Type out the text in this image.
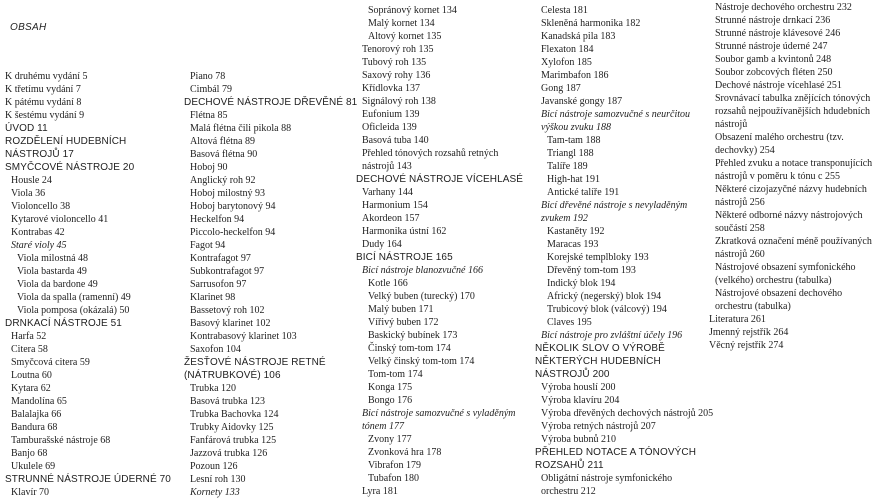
OBSAH
K druhému vydání 5
K třetímu vydání 7
K pátému vydání 8
K šestému vydání 9
ÚVOD 11
ROZDĚLENÍ HUDEBNÍCH
NÁSTROJŮ 17
SMYČCOVÉ NÁSTROJE 20
Housle 24
Viola 36
Violoncello 38
Kytarové violoncello 41
Kontrabas 42
Staré violy 45
Viola milostná 48
Viola bastarda 49
Viola da bardone 49
Viola da spalla (ramenní) 49
Viola pomposa (okázalá) 50
DRNKACÍ NÁSTROJE 51
Harfa 52
Citera 58
Smyčcová citera 59
Loutna 60
Kytara 62
Mandolína 65
Balalajka 66
Bandura 68
Tamburašské nástroje 68
Banjo 68
Ukulele 69
STRUNNÉ NÁSTROJE ÚDERNÉ 70
Klavír 70
Piano 78
Cimbál 79
DECHOVÉ NÁSTROJE DŘEVĚNÉ 81
Flétna 85
Malá flétna čili pikola 88
Altová flétna 89
Basová flétna 90
Hoboj 90
Anglický roh 92
Hoboj milostný 93
Hoboj barytonový 94
Heckelfon 94
Piccolo-heckelfon 94
Fagot 94
Kontrafagot 97
Subkontrafagot 97
Sarrusofon 97
Klarinet 98
Bassetový roh 102
Basový klarinet 102
Kontrabasový klarinet 103
Saxofon 104
ŽESŤOVÉ NÁSTROJE RETNÉ
(NÁTRUBKOVÉ) 106
Trubka 120
Basová trubka 123
Trubka Bachovka 124
Trubky Aidovky 125
Fanfárová trubka 125
Jazzová trubka 126
Pozoun 126
Lesní roh 130
Kornety 133
Sopránový kornet 134
Malý kornet 134
Altový kornet 135
Tenorový roh 135
Tubový roh 135
Saxový rohy 136
Křídlovka 137
Signálový roh 138
Eufonium 139
Oficleida 139
Basová tuba 140
Přehled tónových rozsahů retných
nástrojů 143
DECHOVÉ NÁSTROJE VÍCEHLASÉ
Varhany 144
Harmonium 154
Akordeon 157
Harmonika ústní 162
Dudy 164
BICÍ NÁSTROJE 165
Bicí nástroje blanozvučné 166
Kotle 166
Velký buben (turecký) 170
Malý buben 171
Vířivý buben 172
Baskický bubínek 173
Činský tom-tom 174
Velký činský tom-tom 174
Tom-tom 174
Konga 175
Bongo 176
Bicí nástroje samozvučné s vyladěným
tónem 177
Zvony 177
Zvonková hra 178
Vibrafon 179
Tubafon 180
Lyra 181
Celesta 181
Skleněná harmonika 182
Kanadská pila 183
Flexaton 184
Xylofon 185
Marimbafon 186
Gong 187
Javanské gongy 187
Bicí nástroje samozvučné s neurčitou
výškou zvuku 188
Tam-tam 188
Triangl 188
Talíře 189
High-hat 191
Antické talíře 191
Bicí dřevěné nástroje s nevyladěným
zvukem 192
Kastaněty 192
Maracas 193
Korejské templbloky 193
Dřevěný tom-tom 193
Indický blok 194
Africký (negerský) blok 194
Trubicový blok (válcový) 194
Claves 195
Bicí nástroje pro zvláštní účely 196
NĚKOLIK SLOV O VÝROBĚ
NĚKTERÝCH HUDEBNÍCH
NÁSTROJŮ 200
Výroba houslí 200
Výroba klavíru 204
Výroba dřevěných dechových nástrojů 205
Výroba retných nástrojů 207
Výroba bubnů 210
PŘEHLED NOTACE A TÓNOVÝCH
ROZSAHŮ 211
Obligátní nástroje symfonického
orchestru 212
Nástroje dechového orchestru 232
Strunné nástroje drnkací 236
Strunné nástroje klávesové 246
Strunné nástroje úderné 247
Soubor gamb a kvintonů 248
Soubor zobcových fléten 250
Dechové nástroje vícehlasé 251
Srovnávací tabulka znějících tónových
rozsahů nejpoužívanějších hdudebních
nástrojů
Obsazení malého orchestru (tzv.
dechovky) 254
Přehled zvuku a notace transponujících
nástrojů v poměru k tónu c 255
Některé cizojazyčné názvy hudebních
nástrojů 256
Některé odborné názvy nástrojových
součástí 258
Zkratková označení méně používaných
nástrojů 260
Nástrojové obsazení symfonického
(velkého) orchestru (tabulka)
Nástrojové obsazení dechového
orchestru (tabulka)
Literatura 261
Jmenný rejstřík 264
Věcný rejstřík 274
